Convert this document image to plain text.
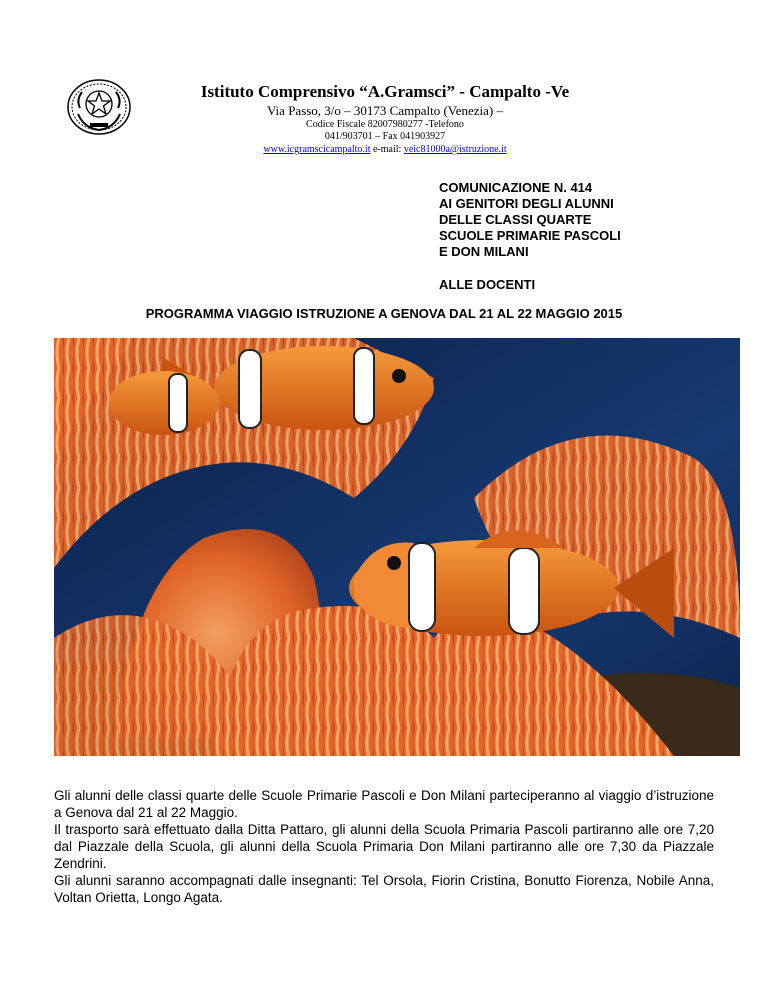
Istituto Comprensivo “A.Gramsci” - Campalto -Ve

Via Passo, 3/o – 30173 Campalto (Venezia) –

Codice Fiscale 82007980277 -Telefono

041/903701 – Fax 041903927

www.icgramscicampalto.it e-mail: veic81000a@istruzione.it

COMUNICAZIONE N. 414
AI GENITORI DEGLI ALUNNI
DELLE CLASSI QUARTE
SCUOLE PRIMARIE PASCOLI
E DON MILANI
ALLE DOCENTI
PROGRAMMA VIAGGIO ISTRUZIONE A GENOVA DAL 21 AL 22 MAGGIO 2015

Gli alunni delle classi quarte delle Scuole Primarie Pascoli e Don Milani parteciperanno al viaggio d’istruzione a Genova dal 21 al 22 Maggio.

Il trasporto sarà effettuato dalla Ditta Pattaro, gli alunni della Scuola Primaria Pascoli partiranno alle ore 7,20 dal Piazzale della Scuola, gli alunni della Scuola Primaria Don Milani partiranno alle ore 7,30 da Piazzale Zendrini.

Gli alunni saranno accompagnati dalle insegnanti: Tel Orsola, Fiorin Cristina, Bonutto Fiorenza, Nobile Anna, Voltan Orietta, Longo Agata.
